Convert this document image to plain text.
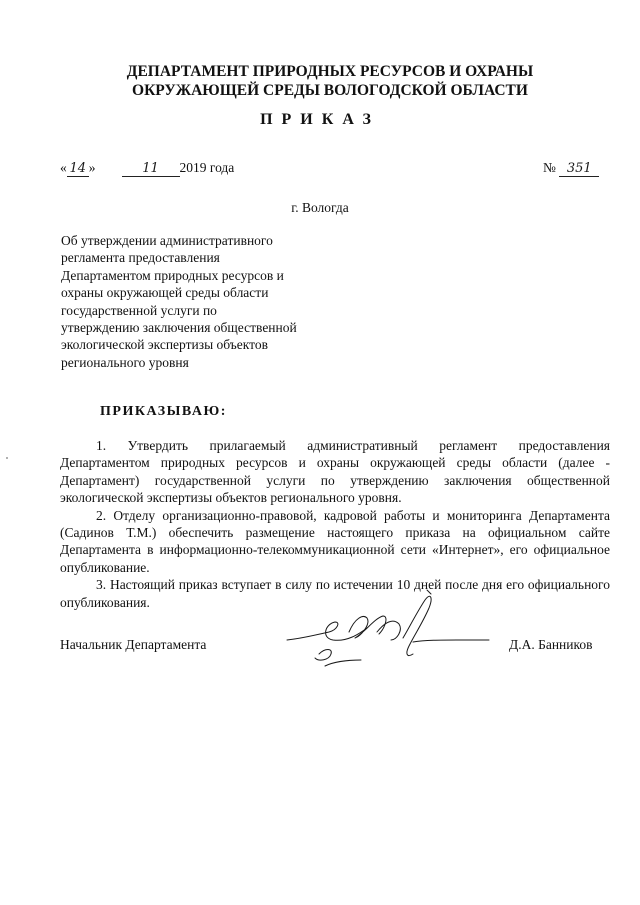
ДЕПАРТАМЕНТ ПРИРОДНЫХ РЕСУРСОВ И ОХРАНЫ
ОКРУЖАЮЩЕЙ СРЕДЫ ВОЛОГОДСКОЙ ОБЛАСТИ
ПРИКАЗ
« 14 »	11 2019 года	№ 351
г. Вологда
Об утверждении административного
регламента предоставления
Департаментом природных ресурсов и
охраны окружающей среды области
государственной услуги по
утверждению заключения общественной
экологической экспертизы объектов
регионального уровня
ПРИКАЗЫВАЮ:

1. Утвердить прилагаемый административный регламент предоставления Департаментом природных ресурсов и охраны окружающей среды области (далее - Департамент) государственной услуги по утверждению заключения общественной экологической экспертизы объектов регионального уровня.

2. Отделу организационно-правовой, кадровой работы и мониторинга Департамента (Садинов Т.М.) обеспечить размещение настоящего приказа на официальном сайте Департамента в информационно-телекоммуникационной сети «Интернет», его официальное опубликование.

3. Настоящий приказ вступает в силу по истечении 10 дней после дня его официального опубликования.

Начальник Департамента	Д.А. Банников
